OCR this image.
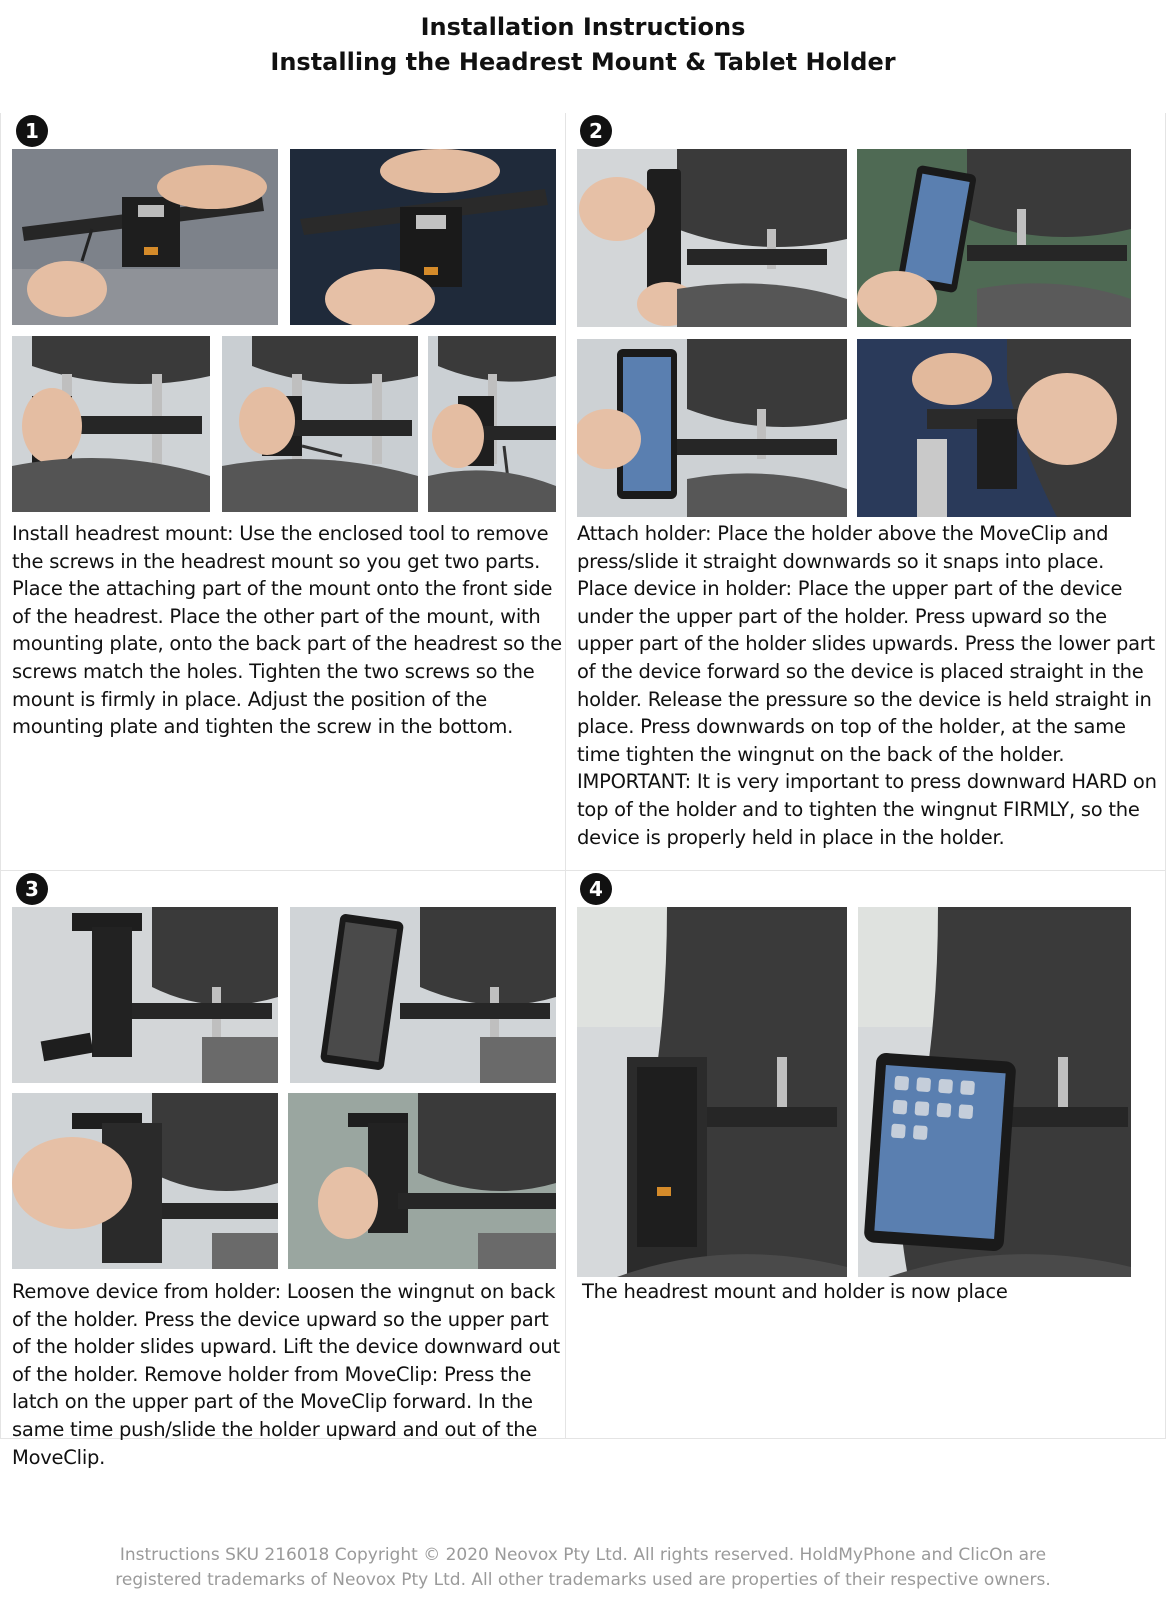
Installation Instructions
Installing the Headrest Mount & Tablet Holder
1
Install headrest mount: Use the enclosed tool to remove the screws in the headrest mount so you get two parts. Place the attaching part of the mount onto the front side of the headrest. Place the other part of the mount, with mounting plate, onto the back part of the headrest so the screws match the holes. Tighten the two screws so the mount is firmly in place. Adjust the position of the mounting plate and tighten the screw in the bottom.
2
Attach holder: Place the holder above the MoveClip and press/slide it straight downwards so it snaps into place. Place device in holder: Place the upper part of the device under the upper part of the holder. Press upward so the upper part of the holder slides upwards. Press the lower part of the device forward so the device is placed straight in the holder. Release the pressure so the device is held straight in place. Press downwards on top of the holder, at the same time tighten the wingnut on the back of the holder. IMPORTANT: It is very important to press downward HARD on top of the holder and to tighten the wingnut FIRMLY, so the device is properly held in place in the holder.
3
Remove device from holder: Loosen the wingnut on back of the holder. Press the device upward so the upper part of the holder slides upward. Lift the device downward out of the holder. Remove holder from MoveClip: Press the latch on the upper part of the MoveClip forward. In the same time push/slide the holder upward and out of the MoveClip.
4
The headrest mount and holder is now place
Instructions SKU 216018 Copyright © 2020 Neovox Pty Ltd. All rights reserved. HoldMyPhone and ClicOn are
registered trademarks of Neovox Pty Ltd. All other trademarks used are properties of their respective owners.
